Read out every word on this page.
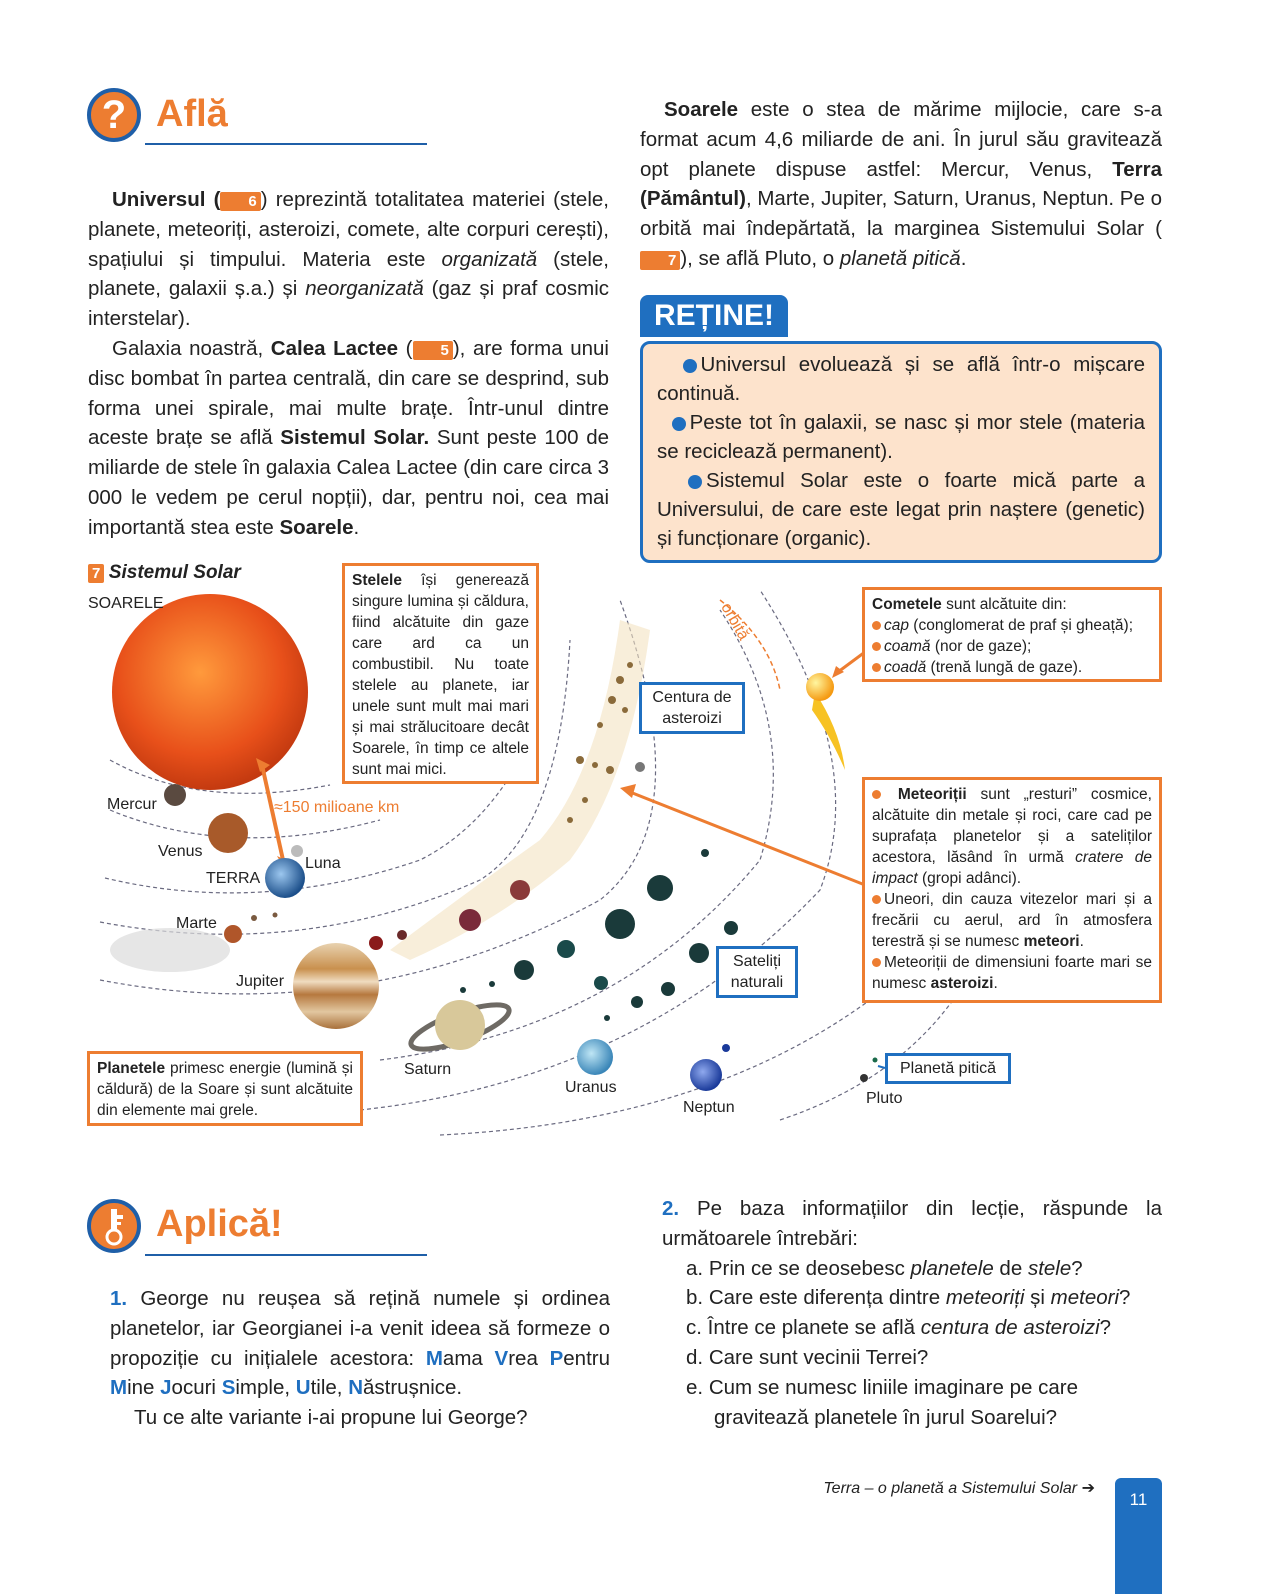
? Află

Universul ( 6 ) reprezintă totalitatea materiei (stele, planete, meteoriți, asteroizi, comete, alte corpuri cerești), spațiului și timpului. Materia este organizată (stele, planete, galaxii ș.a.) și neorganizată (gaz și praf cosmic interstelar).

Galaxia noastră, Calea Lactee ( 5 ), are forma unui disc bombat în partea centrală, din care se desprind, sub forma unei spirale, mai multe brațe. Într-unul dintre aceste brațe se află Sistemul Solar. Sunt peste 100 de miliarde de stele în galaxia Calea Lactee (din care circa 3 000 le vedem pe cerul nopții), dar, pentru noi, cea mai importantă stea este Soarele.

Soarele este o stea de mărime mijlocie, care s-a format acum 4,6 miliarde de ani. În jurul său gravitează opt planete dispuse astfel: Mercur, Venus, Terra (Pământul), Marte, Jupiter, Saturn, Uranus, Neptun. Pe o orbită mai îndepărtată, la marginea Sistemului Solar (7 ), se află Pluto, o planetă pitică.

REȚINE!

Universul evoluează și se află într-o mișcare continuă.

Peste tot în galaxii, se nasc și mor stele (materia se reciclează permanent).

Sistemul Solar este o foarte mică parte a Universului, de care este legat prin naștere (genetic) și funcționare (organic).

7 Sistemul Solar
SOARELE
Mercur
Venus
TERRA
Luna
Marte
Jupiter
Saturn
Uranus
Neptun
Pluto
≈150 milioane km
orbită

Stelele își generează singure lumina și căldura, fiind alcătuite din gaze care ard ca un combustibil. Nu toate stelele au planete, iar unele sunt mult mai mari și mai strălucitoare decât Soarele, în timp ce altele sunt mai mici.

Centura de asteroizi
Sateliți naturali
Planetă pitică

Planetele primesc energie (lumină și căldură) de la Soare și sunt alcătuite din elemente mai grele.

Cometele sunt alcătuite din:

cap (conglomerat de praf și gheață);

coamă (nor de gaze);

coadă (trenă lungă de gaze).

Meteoriții sunt „resturi” cosmice, alcătuite din metale și roci, care cad pe suprafața planetelor și a sateliților acestora, lăsând în urmă cratere de impact (gropi adânci).

Uneori, din cauza vitezelor mari și a frecării cu aerul, ard în atmosfera terestră și se numesc meteori.

Meteoriții de dimensiuni foarte mari se numesc asteroizi.

Aplică!

1. George nu reușea să rețină numele și ordinea planetelor, iar Georgianei i-a venit ideea să formeze o propoziție cu inițialele acestora: Mama Vrea Pentru Mine Jocuri Simple, Utile, Năstrușnice.

Tu ce alte variante i-ai propune lui George?

2. Pe baza informațiilor din lecție, răspunde la următoarele întrebări:

a. Prin ce se deosebesc planetele de stele?

b. Care este diferența dintre meteoriți și meteori?

c. Între ce planete se află centura de asteroizi?

d. Care sunt vecinii Terrei?

e. Cum se numesc liniile imaginare pe care gravitează planetele în jurul Soarelui?

Terra – o planetă a Sistemului Solar ➔
11
